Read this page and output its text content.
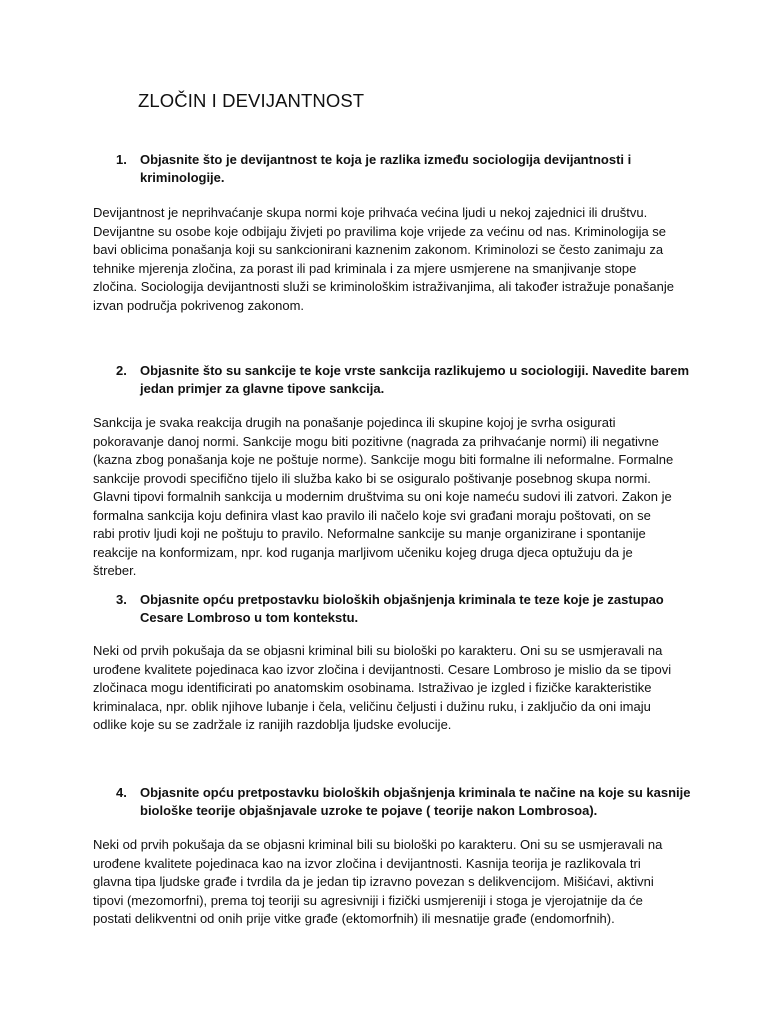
ZLOČIN I DEVIJANTNOST
1.	Objasnite što je devijantnost te koja je razlika između sociologija devijantnosti i
kriminologije.
Devijantnost je neprihvaćanje skupa normi koje prihvaća većina ljudi u nekoj zajednici ili društvu.
Devijantne su osobe koje odbijaju živjeti po pravilima koje vrijede za većinu od nas. Kriminologija se
bavi oblicima ponašanja koji su sankcionirani kaznenim zakonom. Kriminolozi se često zanimaju za
tehnike mjerenja zločina, za porast ili pad kriminala i za mjere usmjerene na smanjivanje stope
zločina. Sociologija devijantnosti služi se kriminološkim istraživanjima, ali također istražuje ponašanje
izvan područja pokrivenog zakonom.
2.	Objasnite što su sankcije te koje vrste sankcija razlikujemo u sociologiji. Navedite barem
jedan primjer za glavne tipove sankcija.
Sankcija je svaka reakcija drugih na ponašanje pojedinca ili skupine kojoj je svrha osigurati
pokoravanje danoj normi. Sankcije mogu biti pozitivne (nagrada za prihvaćanje normi) ili negativne
(kazna zbog ponašanja koje ne poštuje norme). Sankcije mogu biti formalne ili neformalne. Formalne
sankcije provodi specifično tijelo ili služba kako bi se osiguralo poštivanje posebnog skupa normi.
Glavni tipovi formalnih sankcija u modernim društvima su oni koje nameću sudovi ili zatvori. Zakon je
formalna sankcija koju definira vlast kao pravilo ili načelo koje svi građani moraju poštovati, on se
rabi protiv ljudi koji ne poštuju to pravilo. Neformalne sankcije su manje organizirane i spontanije
reakcije na konformizam, npr. kod ruganja marljivom učeniku kojeg druga djeca optužuju da je
štreber.
3.	Objasnite opću pretpostavku bioloških objašnjenja kriminala te teze koje je zastupao
Cesare Lombroso u tom kontekstu.
Neki od prvih pokušaja da se objasni kriminal bili su biološki po karakteru. Oni su se usmjeravali na
urođene kvalitete pojedinaca kao izvor zločina i devijantnosti. Cesare Lombroso je mislio da se tipovi
zločinaca mogu identificirati po anatomskim osobinama. Istraživao je izgled i fizičke karakteristike
kriminalaca, npr. oblik njihove lubanje i čela, veličinu čeljusti i dužinu ruku, i zaključio da oni imaju
odlike koje su se zadržale iz ranijih razdoblja ljudske evolucije.
4.	Objasnite opću pretpostavku bioloških objašnjenja kriminala te načine na koje su kasnije
biološke teorije objašnjavale uzroke te pojave ( teorije nakon Lombrosoa).
Neki od prvih pokušaja da se objasni kriminal bili su biološki po karakteru. Oni su se usmjeravali na
urođene kvalitete pojedinaca kao na izvor zločina i devijantnosti. Kasnija teorija je razlikovala tri
glavna tipa ljudske građe i tvrdila da je jedan tip izravno povezan s delikvencijom. Mišićavi, aktivni
tipovi (mezomorfni), prema toj teoriji su agresivniji i fizički usmjereniji i stoga je vjerojatnije da će
postati delikventni od onih prije vitke građe (ektomorfnih) ili mesnatije građe (endomorfnih).
